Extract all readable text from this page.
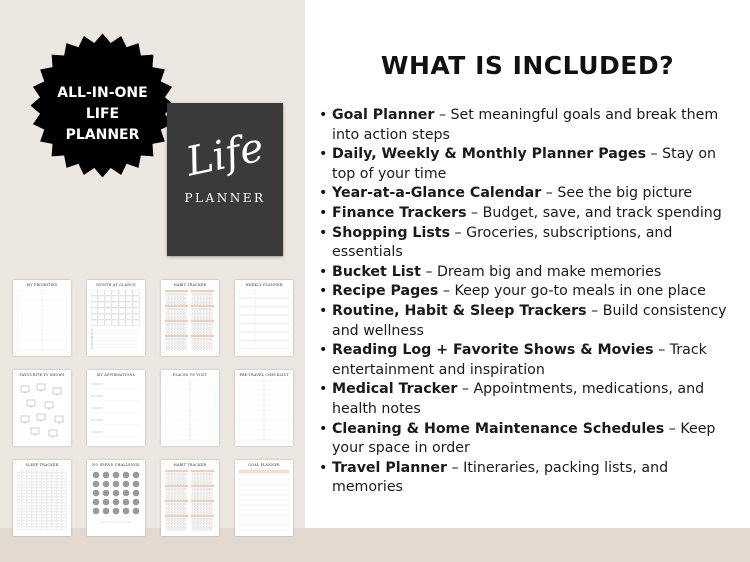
WHAT IS INCLUDED?
• Goal Planner – Set meaningful goals and break them into action steps
• Daily, Weekly & Monthly Planner Pages – Stay on top of your time
• Year-at-a-Glance Calendar – See the big picture
• Finance Trackers – Budget, save, and track spending
• Shopping Lists – Groceries, subscriptions, and essentials
• Bucket List – Dream big and make memories
• Recipe Pages – Keep your go-to meals in one place
• Routine, Habit & Sleep Trackers – Build consistency and wellness
• Reading Log + Favorite Shows & Movies – Track entertainment and inspiration
• Medical Tracker – Appointments, medications, and health notes
• Cleaning & Home Maintenance Schedules – Keep your space in order
• Travel Planner – Itineraries, packing lists, and memories
ALL-IN-ONE
LIFE
PLANNER	Life
PLANNER
MY PRIORITIES	MONTH AT GLANCE	HABIT TRACKER	WEEKLY PLANNER
FAVOURITE TV SHOWS	MY AFFIRMATIONS	PLACES TO VISIT	PRE-TRAVEL CHECKLIST
SLEEP TRACKER	NO SPEND CHALLENGE	HABIT TRACKER	GOAL PLANNER
